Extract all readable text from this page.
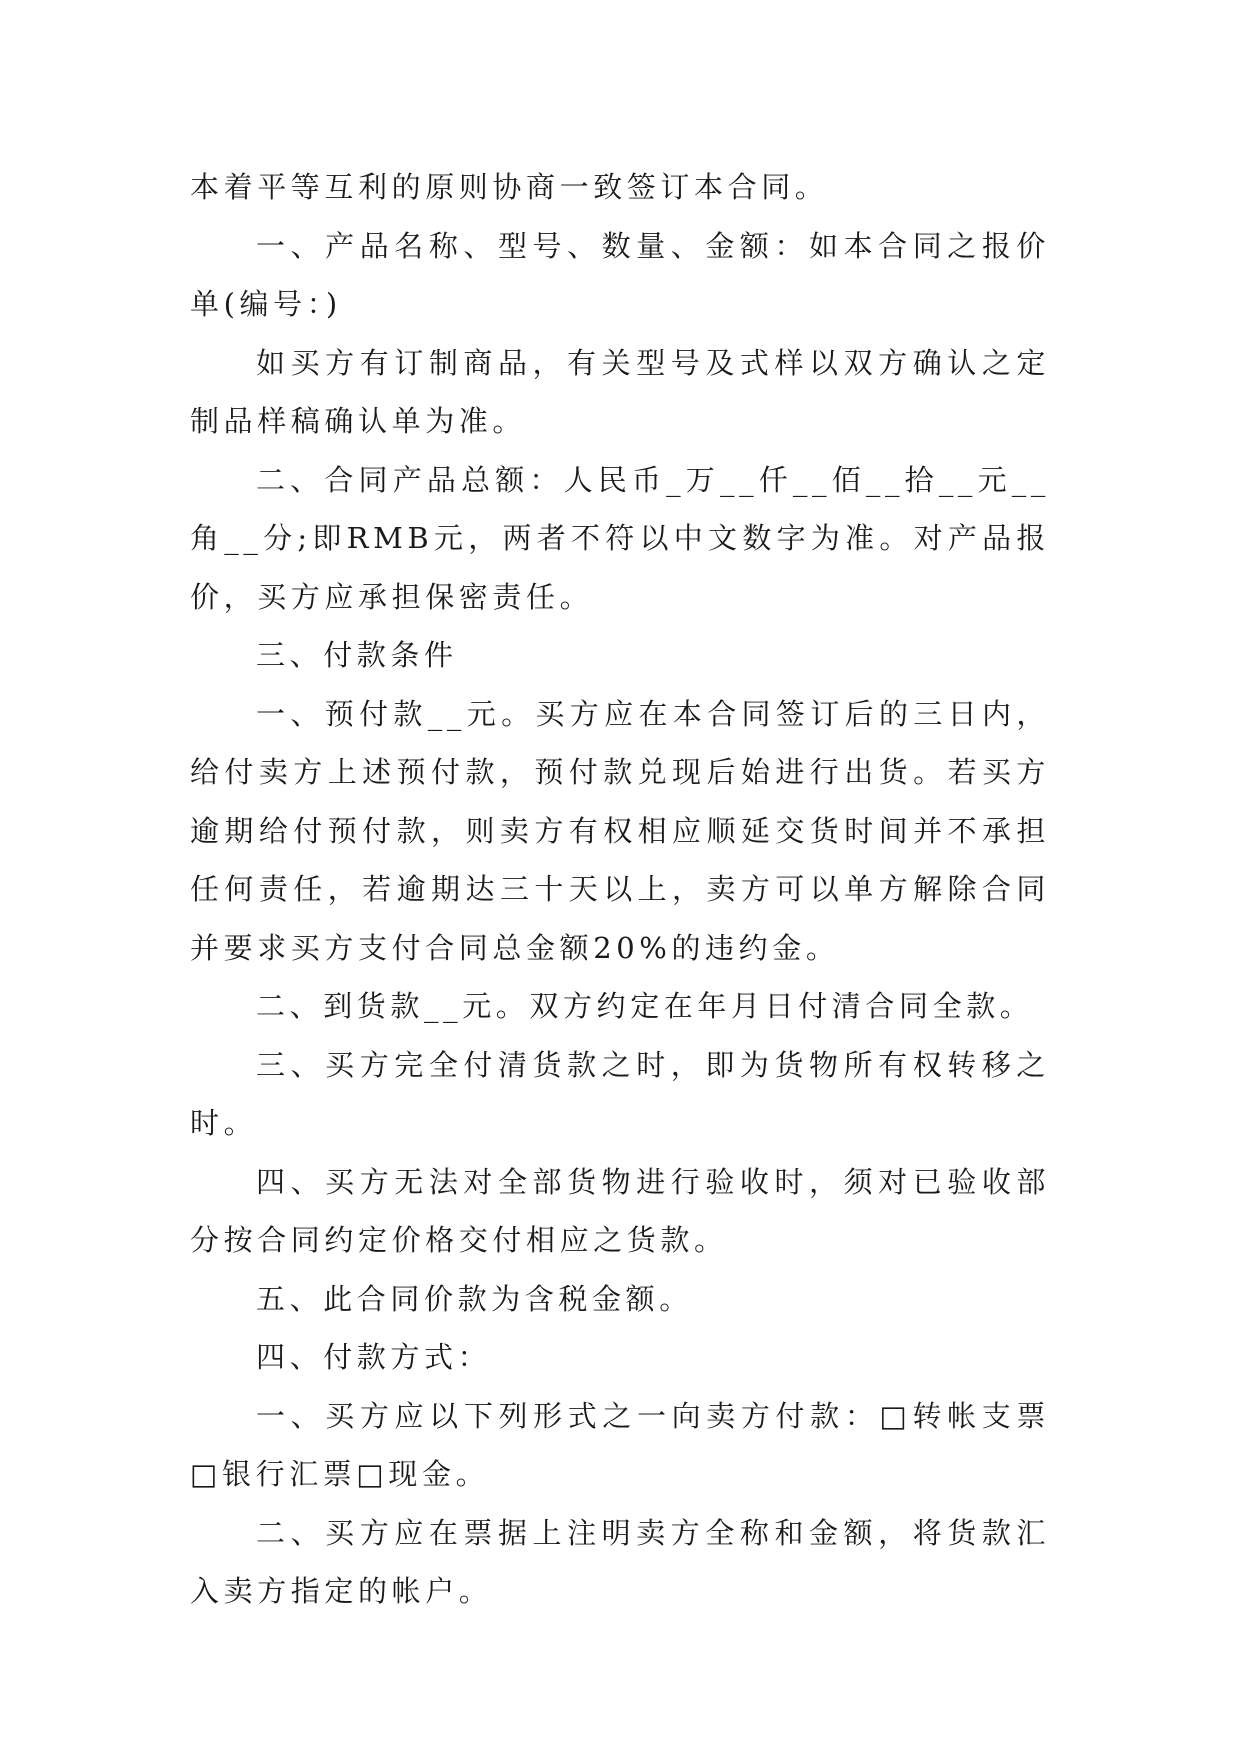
本着平等互利的原则协商一致签订本合同。

一、产品名称、型号、数量、金额：如本合同之报价单(编号：)

如买方有订制商品，有关型号及式样以双方确认之定制品样稿确认单为准。

二、合同产品总额：人民币_万__仟__佰__拾__元__角__分;即RMB元，两者不符以中文数字为准。对产品报价，买方应承担保密责任。

三、付款条件

一、预付款__元。买方应在本合同签订后的三日内，给付卖方上述预付款，预付款兑现后始进行出货。若买方逾期给付预付款，则卖方有权相应顺延交货时间并不承担任何责任，若逾期达三十天以上，卖方可以单方解除合同并要求买方支付合同总金额20%的违约金。

二、到货款__元。双方约定在年月日付清合同全款。

三、买方完全付清货款之时，即为货物所有权转移之时。

四、买方无法对全部货物进行验收时，须对已验收部分按合同约定价格交付相应之货款。

五、此合同价款为含税金额。

四、付款方式：

一、买方应以下列形式之一向卖方付款：□转帐支票□银行汇票□现金。

二、买方应在票据上注明卖方全称和金额，将货款汇入卖方指定的帐户。
